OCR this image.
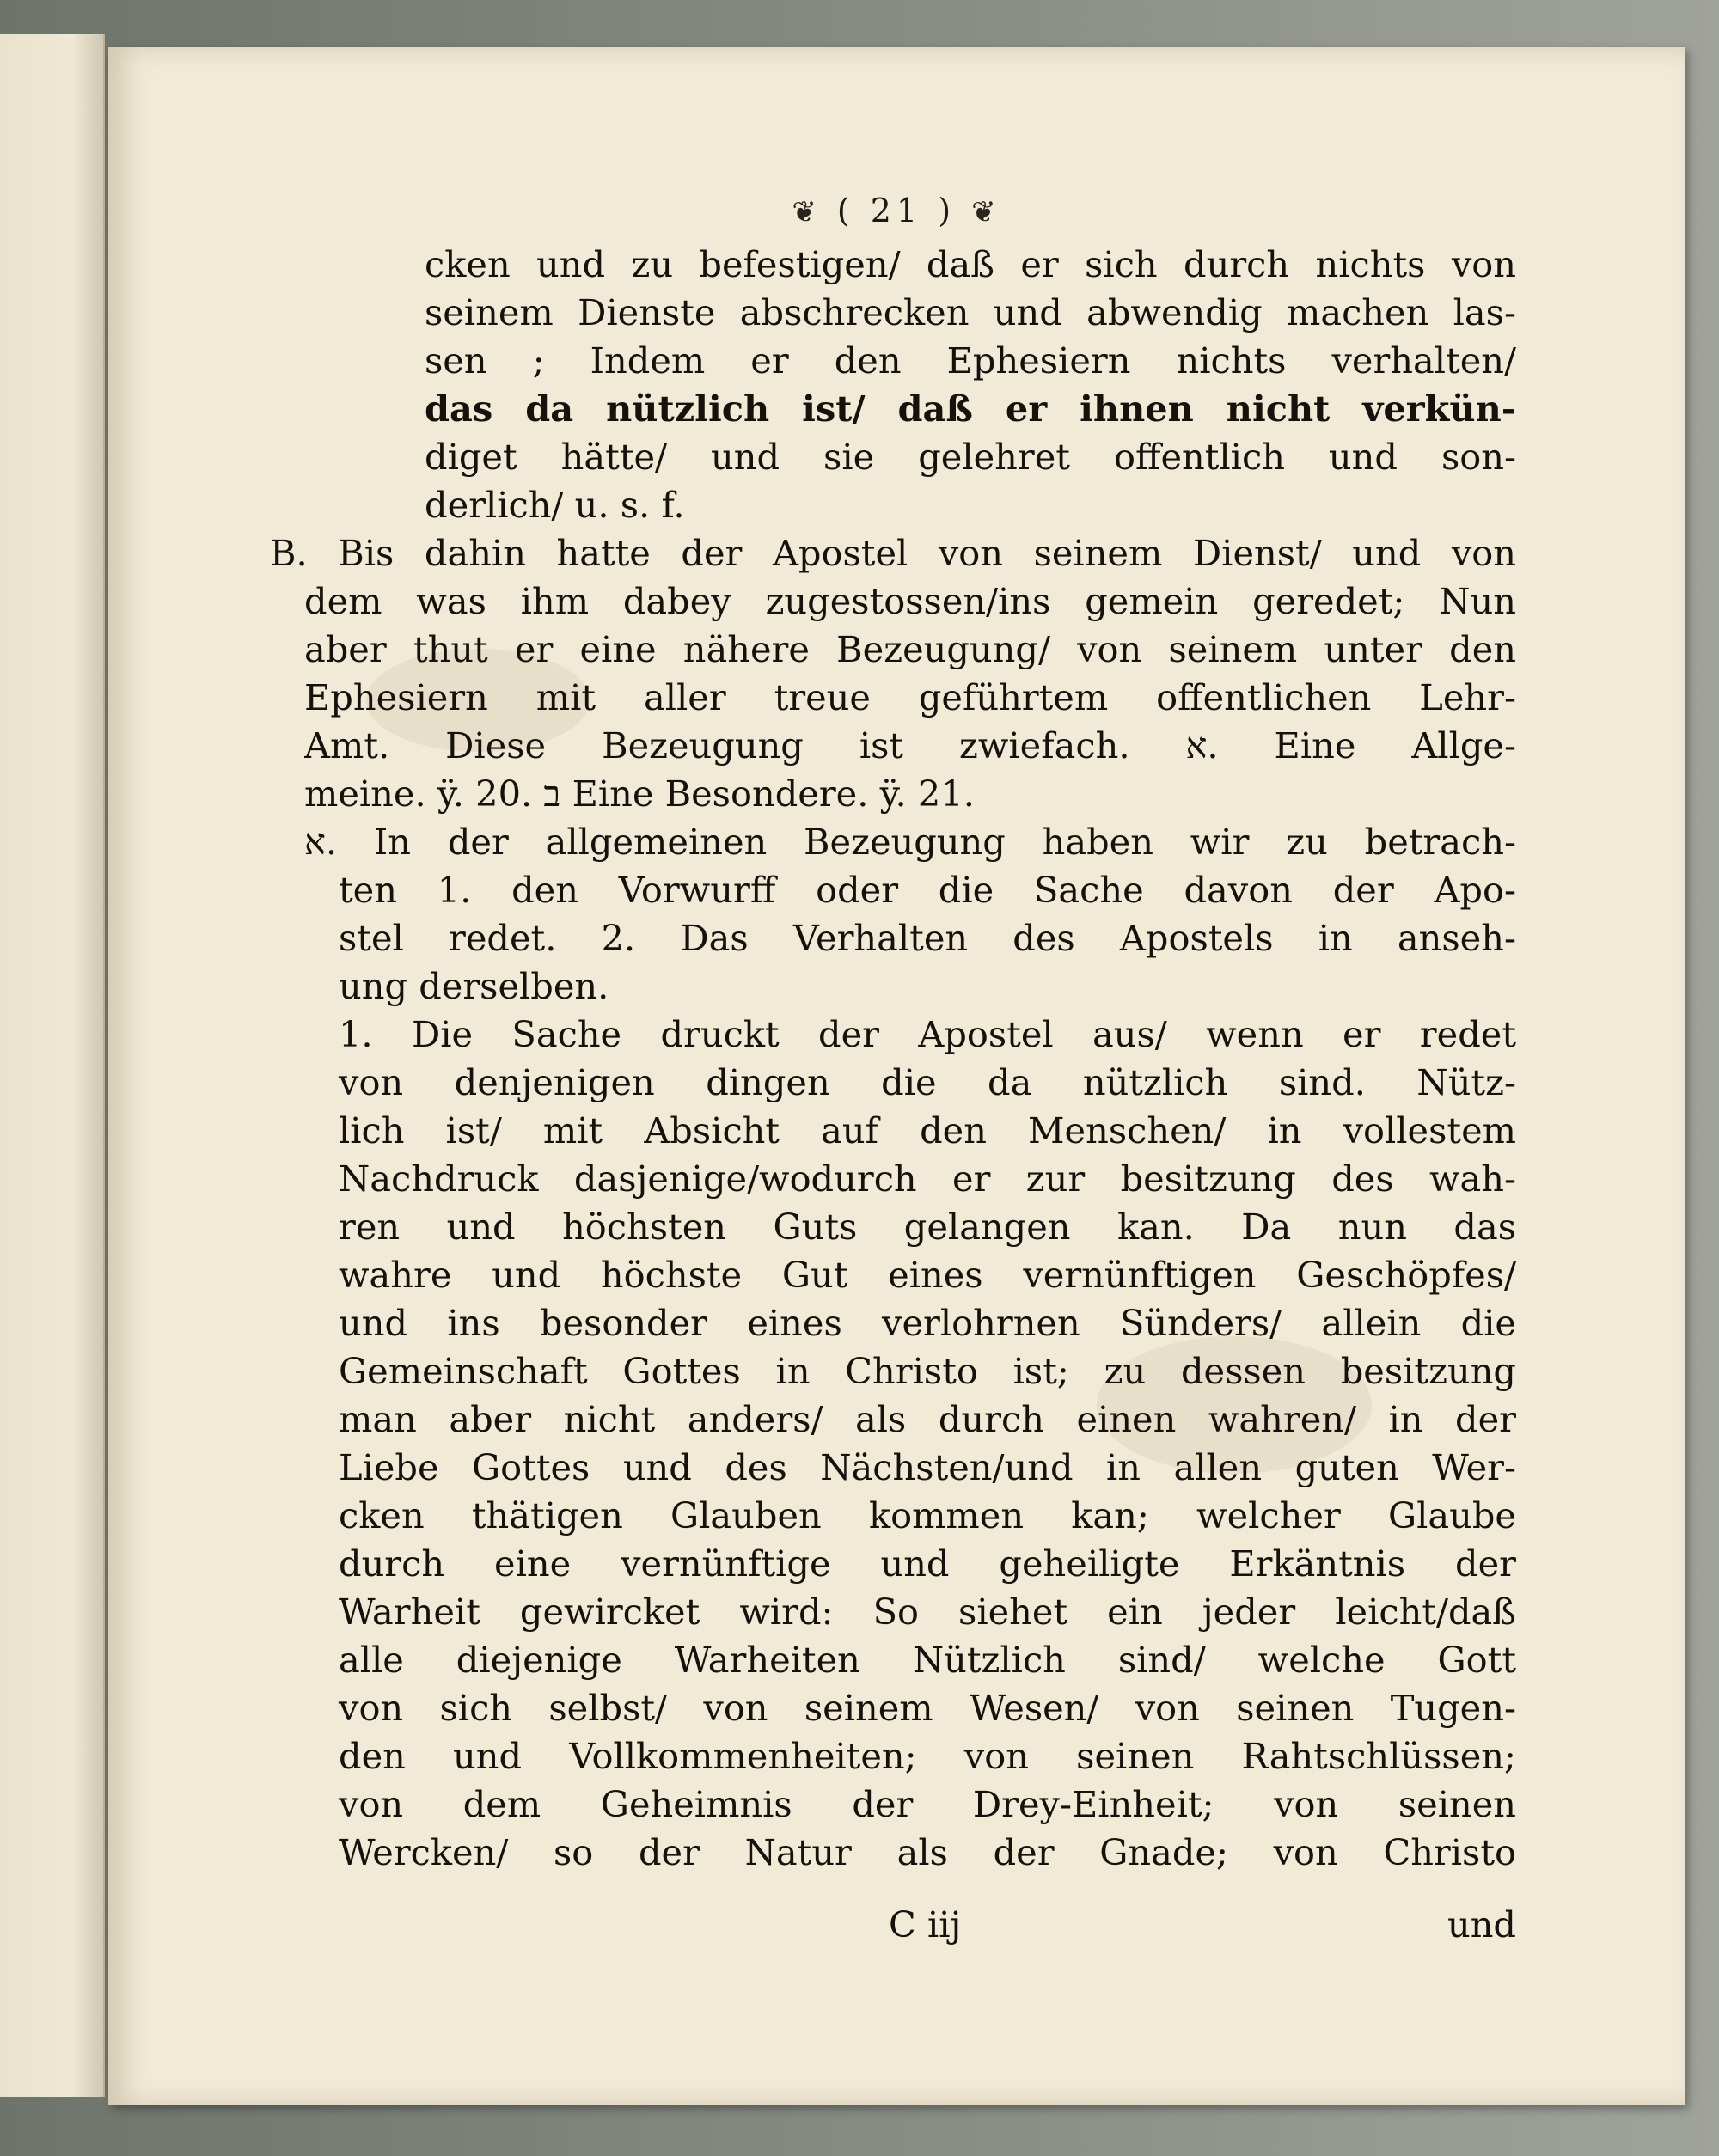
❦ ( 21 ) ❦
cken und zu befestigen/ daß er sich durch nichts von
seinem Dienste abschrecken und abwendig machen las-
sen ; Indem er den Ephesiern nichts verhalten/
das da nützlich ist/ daß er ihnen nicht verkün-
diget hätte/ und sie gelehret offentlich und son-
derlich/ u. s. f.
B. Bis dahin hatte der Apostel von seinem Dienst/ und von
dem was ihm dabey zugestossen/ins gemein geredet; Nun
aber thut er eine nähere Bezeugung/ von seinem unter den
Ephesiern mit aller treue geführtem offentlichen Lehr-
Amt. Diese Bezeugung ist zwiefach. א. Eine Allge-
meine. ÿ. 20. ב Eine Besondere. ÿ. 21.
א. In der allgemeinen Bezeugung haben wir zu betrach-
ten 1. den Vorwurff oder die Sache davon der Apo-
stel redet. 2. Das Verhalten des Apostels in anseh-
ung derselben.
1. Die Sache druckt der Apostel aus/ wenn er redet
von denjenigen dingen die da nützlich sind. Nütz-
lich ist/ mit Absicht auf den Menschen/ in vollestem
Nachdruck dasjenige/wodurch er zur besitzung des wah-
ren und höchsten Guts gelangen kan. Da nun das
wahre und höchste Gut eines vernünftigen Geschöpfes/
und ins besonder eines verlohrnen Sünders/ allein die
Gemeinschaft Gottes in Christo ist; zu dessen besitzung
man aber nicht anders/ als durch einen wahren/ in der
Liebe Gottes und des Nächsten/und in allen guten Wer-
cken thätigen Glauben kommen kan; welcher Glaube
durch eine vernünftige und geheiligte Erkäntnis der
Warheit gewircket wird: So siehet ein jeder leicht/daß
alle diejenige Warheiten Nützlich sind/ welche Gott
von sich selbst/ von seinem Wesen/ von seinen Tugen-
den und Vollkommenheiten; von seinen Rahtschlüssen;
von dem Geheimnis der Drey-Einheit; von seinen
Wercken/ so der Natur als der Gnade; von Christo
C iij	und
